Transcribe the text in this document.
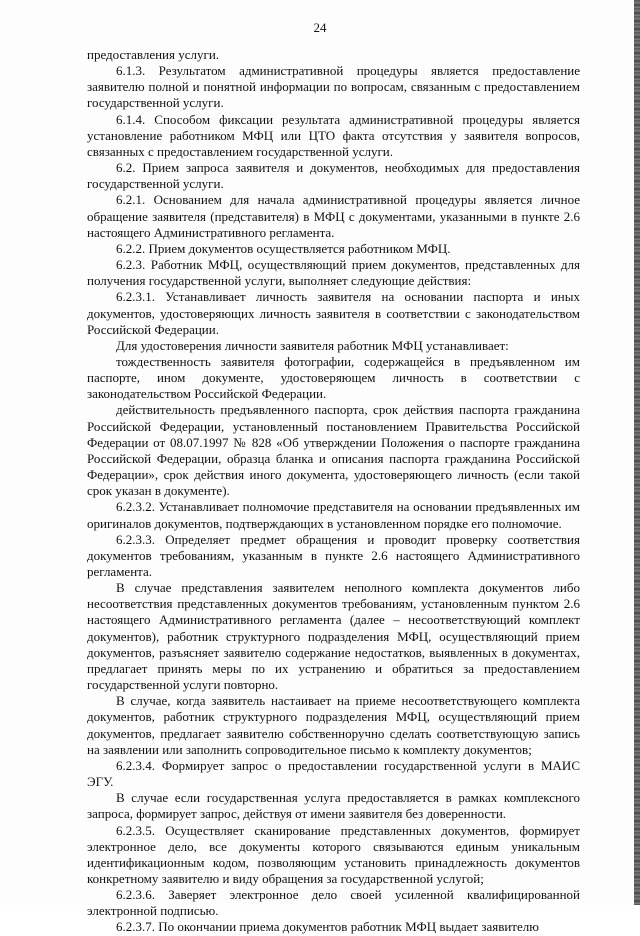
24

предоставления услуги.

6.1.3. Результатом административной процедуры является предоставление заявителю полной и понятной информации по вопросам, связанным с предоставлением государственной услуги.

6.1.4. Способом фиксации результата административной процедуры является установление работником МФЦ или ЦТО факта отсутствия у заявителя вопросов, связанных с предоставлением государственной услуги.

6.2. Прием запроса заявителя и документов, необходимых для предоставления государственной услуги.

6.2.1. Основанием для начала административной процедуры является личное обращение заявителя (представителя) в МФЦ с документами, указанными в пункте 2.6 настоящего Административного регламента.

6.2.2. Прием документов осуществляется работником МФЦ.

6.2.3. Работник МФЦ, осуществляющий прием документов, представленных для получения государственной услуги, выполняет следующие действия:

6.2.3.1. Устанавливает личность заявителя на основании паспорта и иных документов, удостоверяющих личность заявителя в соответствии с законодательством Российской Федерации.

Для удостоверения личности заявителя работник МФЦ устанавливает:

тождественность заявителя фотографии, содержащейся в предъявленном им паспорте, ином документе, удостоверяющем личность в соответствии с законодательством Российской Федерации.

действительность предъявленного паспорта, срок действия паспорта гражданина Российской Федерации, установленный постановлением Правительства Российской Федерации от 08.07.1997 № 828 «Об утверждении Положения о паспорте гражданина Российской Федерации, образца бланка и описания паспорта гражданина Российской Федерации», срок действия иного документа, удостоверяющего личность (если такой срок указан в документе).

6.2.3.2. Устанавливает полномочие представителя на основании предъявленных им оригиналов документов, подтверждающих в установленном порядке его полномочие.

6.2.3.3. Определяет предмет обращения и проводит проверку соответствия документов требованиям, указанным в пункте 2.6 настоящего Административного регламента.

В случае представления заявителем неполного комплекта документов либо несоответствия представленных документов требованиям, установленным пунктом 2.6 настоящего Административного регламента (далее – несоответствующий комплект документов), работник структурного подразделения МФЦ, осуществляющий прием документов, разъясняет заявителю содержание недостатков, выявленных в документах, предлагает принять меры по их устранению и обратиться за предоставлением государственной услуги повторно.

В случае, когда заявитель настаивает на приеме несоответствующего комплекта документов, работник структурного подразделения МФЦ, осуществляющий прием документов, предлагает заявителю собственноручно сделать соответствующую запись на заявлении или заполнить сопроводительное письмо к комплекту документов;

6.2.3.4. Формирует запрос о предоставлении государственной услуги в МАИС ЭГУ.

В случае если государственная услуга предоставляется в рамках комплексного запроса, формирует запрос, действуя от имени заявителя без доверенности.

6.2.3.5. Осуществляет сканирование представленных документов, формирует электронное дело, все документы которого связываются единым уникальным идентификационным кодом, позволяющим установить принадлежность документов конкретному заявителю и виду обращения за государственной услугой;

6.2.3.6. Заверяет электронное дело своей усиленной квалифицированной электронной подписью.

6.2.3.7. По окончании приема документов работник МФЦ выдает заявителю
